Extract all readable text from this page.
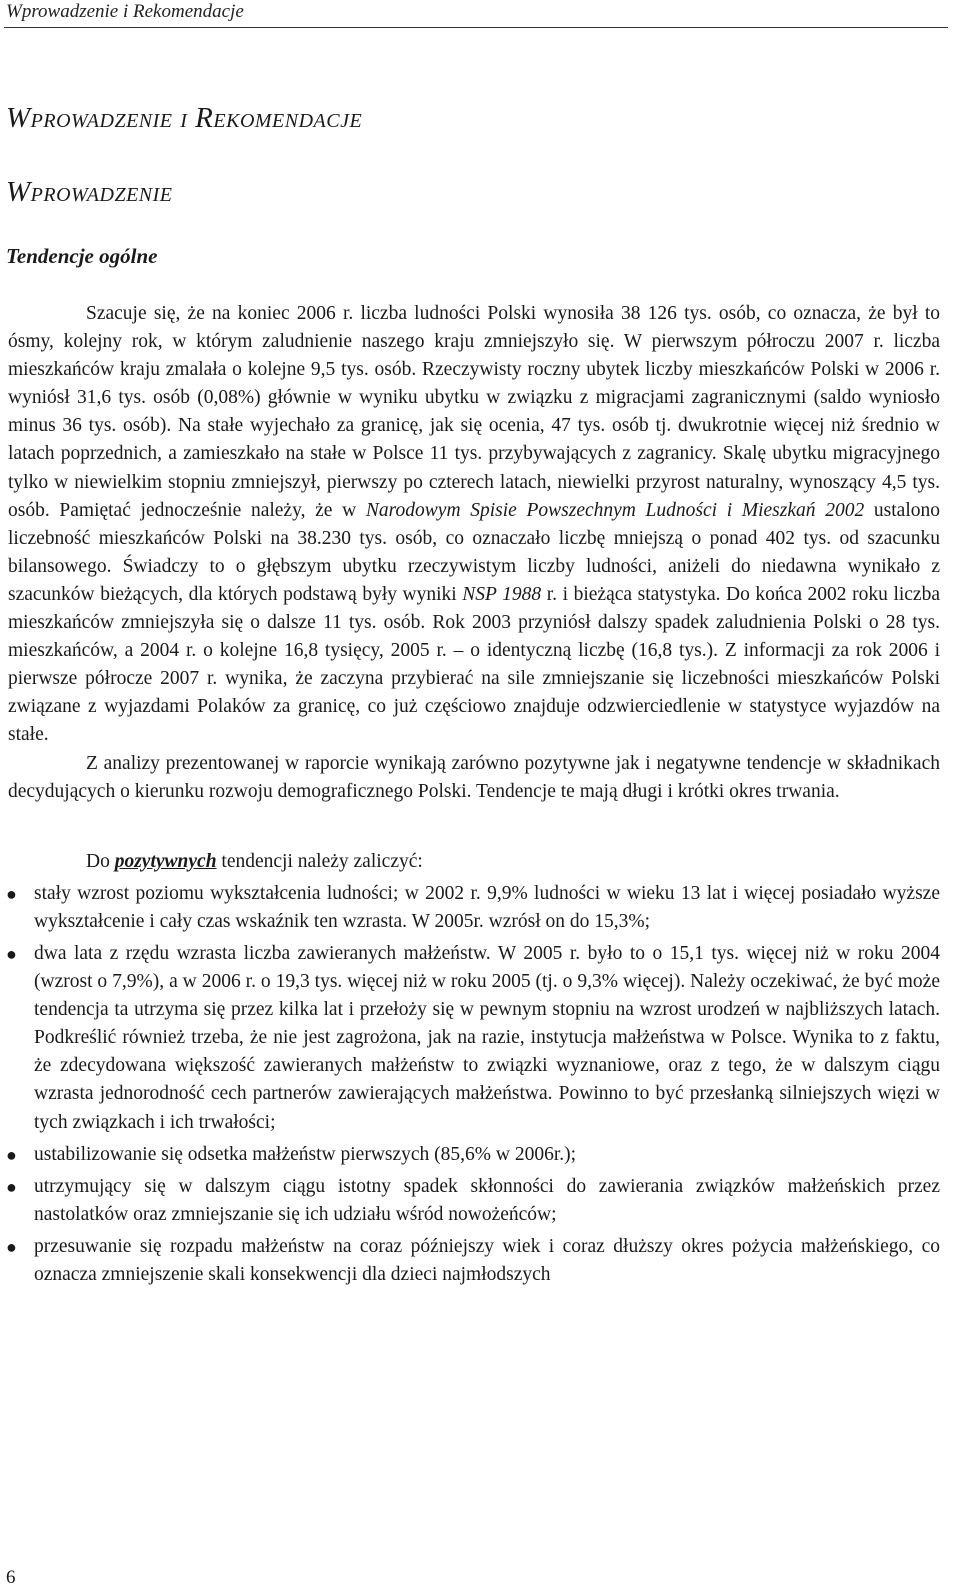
Wprowadzenie i Rekomendacje
Wprowadzenie i Rekomendacje
Wprowadzenie
Tendencje ogólne

Szacuje się, że na koniec 2006 r. liczba ludności Polski wynosiła 38 126 tys. osób, co oznacza, że był to ósmy, kolejny rok, w którym zaludnienie naszego kraju zmniejszyło się. W pierwszym półroczu 2007 r. liczba mieszkańców kraju zmalała o kolejne 9,5 tys. osób. Rzeczywisty roczny ubytek liczby mieszkańców Polski w 2006 r. wyniósł 31,6 tys. osób (0,08%) głównie w wyniku ubytku w związku z migracjami zagranicznymi (saldo wyniosło minus 36 tys. osób). Na stałe wyjechało za granicę, jak się ocenia, 47 tys. osób tj. dwukrotnie więcej niż średnio w latach poprzednich, a zamieszkało na stałe w Polsce 11 tys. przybywających z zagranicy. Skalę ubytku migracyjnego tylko w niewielkim stopniu zmniejszył, pierwszy po czterech latach, niewielki przyrost naturalny, wynoszący 4,5 tys. osób. Pamiętać jednocześnie należy, że w Narodowym Spisie Powszechnym Ludności i Mieszkań 2002 ustalono liczebność mieszkańców Polski na 38.230 tys. osób, co oznaczało liczbę mniejszą o ponad 402 tys. od szacunku bilansowego. Świadczy to o głębszym ubytku rzeczywistym liczby ludności, aniżeli do niedawna wynikało z szacunków bieżących, dla których podstawą były wyniki NSP 1988 r. i bieżąca statystyka. Do końca 2002 roku liczba mieszkańców zmniejszyła się o dalsze 11 tys. osób. Rok 2003 przyniósł dalszy spadek zaludnienia Polski o 28 tys. mieszkańców, a 2004 r. o kolejne 16,8 tysięcy, 2005 r. – o identyczną liczbę (16,8 tys.). Z informacji za rok 2006 i pierwsze półrocze 2007 r. wynika, że zaczyna przybierać na sile zmniejszanie się liczebności mieszkańców Polski związane z wyjazdami Polaków za granicę, co już częściowo znajduje odzwierciedlenie w statystyce wyjazdów na stałe.

Z analizy prezentowanej w raporcie wynikają zarówno pozytywne jak i negatywne tendencje w składnikach decydujących o kierunku rozwoju demograficznego Polski. Tendencje te mają długi i krótki okres trwania.

Do pozytywnych tendencji należy zaliczyć:

● stały wzrost poziomu wykształcenia ludności; w 2002 r. 9,9% ludności w wieku 13 lat i więcej posiadało wyższe wykształcenie i cały czas wskaźnik ten wzrasta. W 2005r. wzrósł on do 15,3%;
● dwa lata z rzędu wzrasta liczba zawieranych małżeństw. W 2005 r. było to o 15,1 tys. więcej niż w roku 2004 (wzrost o 7,9%), a w 2006 r. o 19,3 tys. więcej niż w roku 2005 (tj. o 9,3% więcej). Należy oczekiwać, że być może tendencja ta utrzyma się przez kilka lat i przełoży się w pewnym stopniu na wzrost urodzeń w najbliższych latach. Podkreślić również trzeba, że nie jest zagrożona, jak na razie, instytucja małżeństwa w Polsce. Wynika to z faktu, że zdecydowana większość zawieranych małżeństw to związki wyznaniowe, oraz z tego, że w dalszym ciągu wzrasta jednorodność cech partnerów zawierających małżeństwa. Powinno to być przesłanką silniejszych więzi w tych związkach i ich trwałości;
● ustabilizowanie się odsetka małżeństw pierwszych (85,6% w 2006r.);
● utrzymujący się w dalszym ciągu istotny spadek skłonności do zawierania związków małżeńskich przez nastolatków oraz zmniejszanie się ich udziału wśród nowożeńców;
● przesuwanie się rozpadu małżeństw na coraz późniejszy wiek i coraz dłuższy okres pożycia małżeńskiego, co oznacza zmniejszenie skali konsekwencji dla dzieci najmłodszych
6
